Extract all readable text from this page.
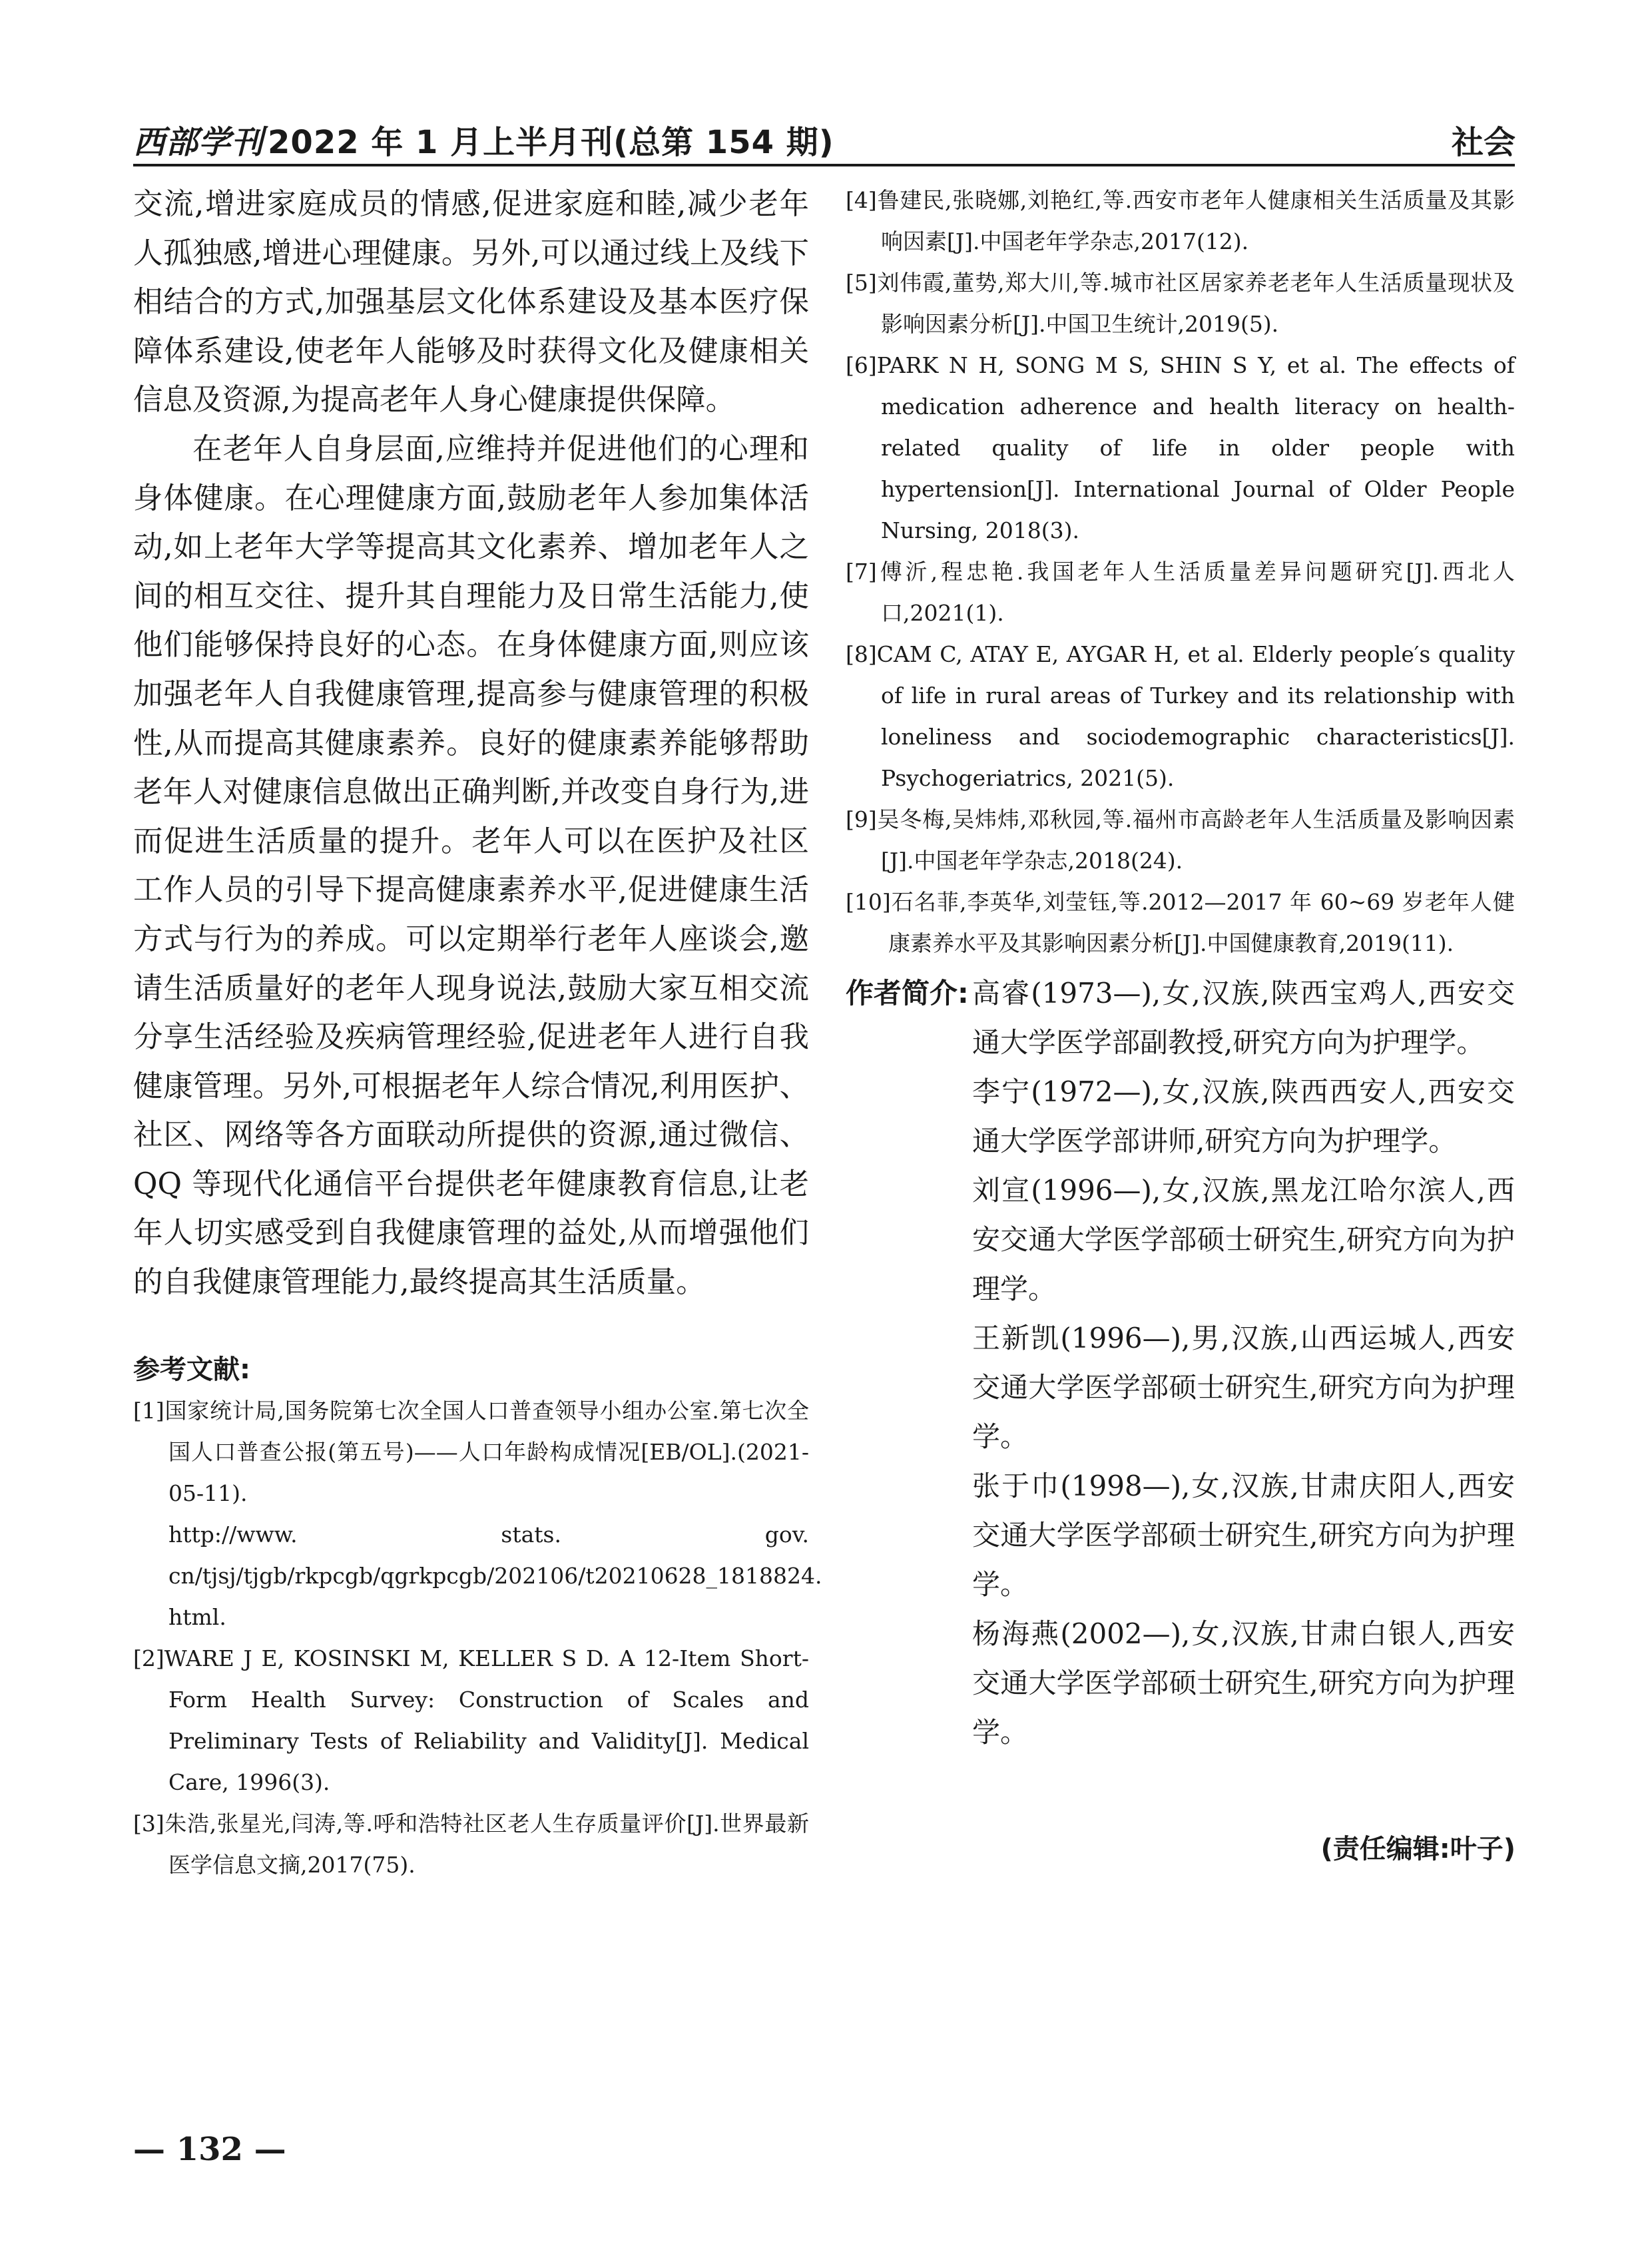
西部学刊 2022 年 1 月上半月刊(总第 154 期)	社会

交流,增进家庭成员的情感,促进家庭和睦,减少老年人孤独感,增进心理健康。另外,可以通过线上及线下相结合的方式,加强基层文化体系建设及基本医疗保障体系建设,使老年人能够及时获得文化及健康相关信息及资源,为提高老年人身心健康提供保障。

在老年人自身层面,应维持并促进他们的心理和身体健康。在心理健康方面,鼓励老年人参加集体活动,如上老年大学等提高其文化素养、增加老年人之间的相互交往、提升其自理能力及日常生活能力,使他们能够保持良好的心态。在身体健康方面,则应该加强老年人自我健康管理,提高参与健康管理的积极性,从而提高其健康素养。良好的健康素养能够帮助老年人对健康信息做出正确判断,并改变自身行为,进而促进生活质量的提升。老年人可以在医护及社区工作人员的引导下提高健康素养水平,促进健康生活方式与行为的养成。可以定期举行老年人座谈会,邀请生活质量好的老年人现身说法,鼓励大家互相交流分享生活经验及疾病管理经验,促进老年人进行自我健康管理。另外,可根据老年人综合情况,利用医护、社区、网络等各方面联动所提供的资源,通过微信、QQ 等现代化通信平台提供老年健康教育信息,让老年人切实感受到自我健康管理的益处,从而增强他们的自我健康管理能力,最终提高其生活质量。

参考文献:

[1]国家统计局,国务院第七次全国人口普查领导小组办公室.第七次全国人口普查公报(第五号)——人口年龄构成情况[EB/OL].(2021-05-11).

http://www. stats. gov. cn/tjsj/tjgb/rkpcgb/qgrkpcgb/202106/t20210628_1818824. html.

[2]WARE J E, KOSINSKI M, KELLER S D. A 12-Item Short-Form Health Survey: Construction of Scales and Preliminary Tests of Reliability and Validity[J]. Medical Care, 1996(3).

[3]朱浩,张星光,闫涛,等.呼和浩特社区老人生存质量评价[J].世界最新医学信息文摘,2017(75).

[4]鲁建民,张晓娜,刘艳红,等.西安市老年人健康相关生活质量及其影响因素[J].中国老年学杂志,2017(12).

[5]刘伟霞,董势,郑大川,等.城市社区居家养老老年人生活质量现状及影响因素分析[J].中国卫生统计,2019(5).

[6]PARK N H, SONG M S, SHIN S Y, et al. The effects of medication adherence and health literacy on health-related quality of life in older people with hypertension[J]. International Journal of Older People Nursing, 2018(3).

[7]傅沂,程忠艳.我国老年人生活质量差异问题研究[J].西北人口,2021(1).

[8]CAM C, ATAY E, AYGAR H, et al. Elderly people′s quality of life in rural areas of Turkey and its relationship with loneliness and sociodemographic characteristics[J]. Psychogeriatrics, 2021(5).

[9]吴冬梅,吴炜炜,邓秋园,等.福州市高龄老年人生活质量及影响因素[J].中国老年学杂志,2018(24).

[10]石名菲,李英华,刘莹钰,等.2012—2017 年 60~69 岁老年人健康素养水平及其影响因素分析[J].中国健康教育,2019(11).

作者简介: 高睿(1973—),女,汉族,陕西宝鸡人,西安交通大学医学部副教授,研究方向为护理学。

李宁(1972—),女,汉族,陕西西安人,西安交通大学医学部讲师,研究方向为护理学。

刘宣(1996—),女,汉族,黑龙江哈尔滨人,西安交通大学医学部硕士研究生,研究方向为护理学。

王新凯(1996—),男,汉族,山西运城人,西安交通大学医学部硕士研究生,研究方向为护理学。

张于巾(1998—),女,汉族,甘肃庆阳人,西安交通大学医学部硕士研究生,研究方向为护理学。

杨海燕(2002—),女,汉族,甘肃白银人,西安交通大学医学部硕士研究生,研究方向为护理学。

(责任编辑:叶子)
— 132 —
